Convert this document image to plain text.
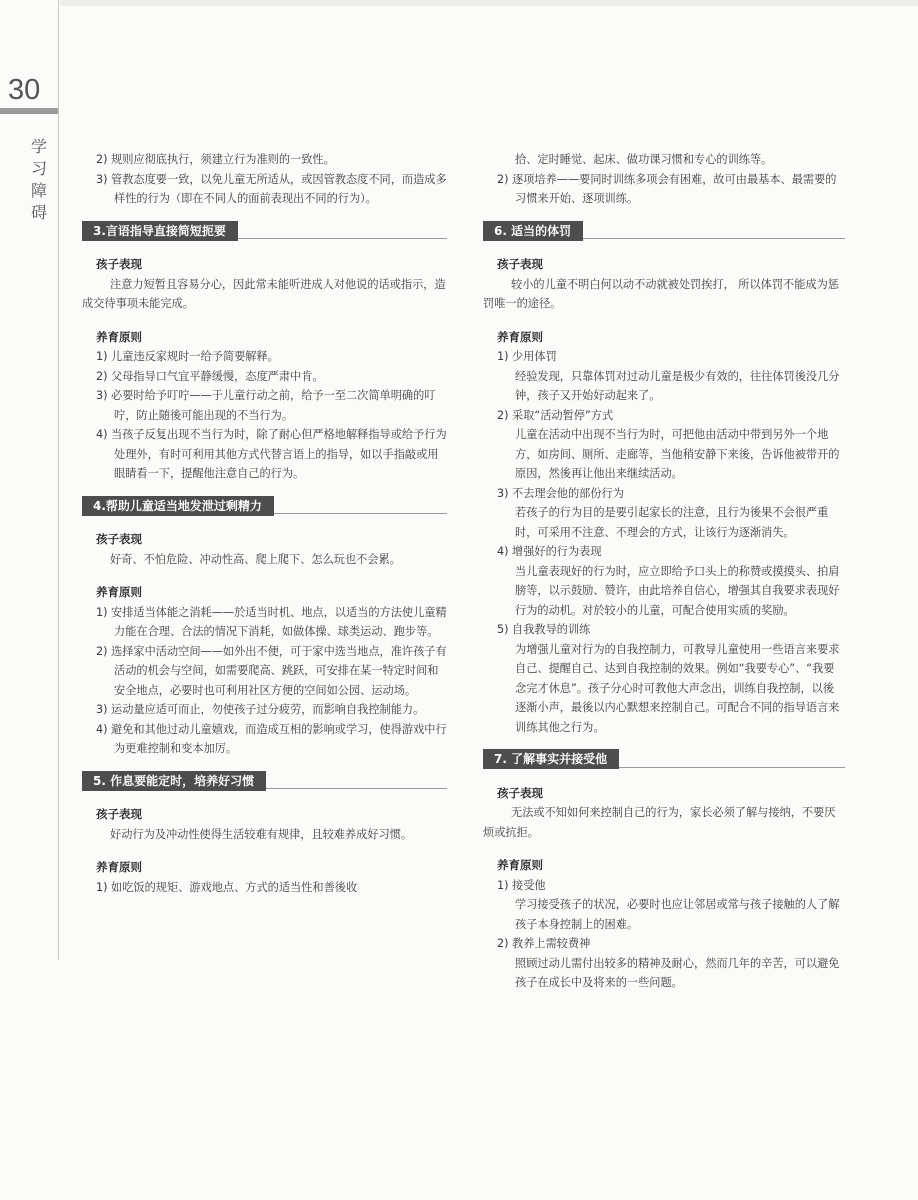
30
学
习
障
碍
2) 规则应彻底执行，须建立行为准则的一致性。
3) 管教态度要一致，以免儿童无所适从，或因管教态度不同，而造成多样性的行为（即在不同人的面前表现出不同的行为）。
3.言语指导直接简短扼要
孩子表现
注意力短暂且容易分心，因此常未能听进成人对他说的话或指示，造成交待事项未能完成。
养育原则
1) 儿童违反家规时一给予简要解释。
2) 父母指导口气宜平静缓慢，态度严肃中肯。
3) 必要时给予叮咛——于儿童行动之前，给予一至二次简单明确的叮咛，防止随後可能出现的不当行为。
4) 当孩子反复出现不当行为时，除了耐心但严格地解释指导或给予行为处理外，有时可利用其他方式代替言语上的指导，如以手指敲或用眼睛看一下，提醒他注意自己的行为。
4.帮助儿童适当地发泄过剩精力
孩子表现
好奇、不怕危险、冲动性高、爬上爬下、怎么玩也不会累。
养育原则
1) 安排适当体能之消耗——於适当时机、地点，以适当的方法使儿童精力能在合理、合法的情况下消耗，如做体操、球类运动、跑步等。
2) 选择家中活动空间——如外出不便，可于家中选当地点，准许孩子有活动的机会与空间，如需要爬高、跳跃，可安排在某一特定时间和安全地点，必要时也可利用社区方便的空间如公园、运动场。
3) 运动量应适可而止，勿使孩子过分疲劳，而影响自我控制能力。
4) 避免和其他过动儿童嬉戏，而造成互相的影响或学习，使得游戏中行为更难控制和变本加厉。
5. 作息要能定时，培养好习惯
孩子表现
好动行为及冲动性使得生活较难有规律，且较难养成好习惯。
养育原则
1) 如吃饭的规矩、游戏地点、方式的适当性和善後收
拾、定时睡觉、起床、做功课习惯和专心的训练等。
2) 逐项培养——要同时训练多项会有困难，故可由最基本、最需要的习惯来开始、逐项训练。
6. 适当的体罚
孩子表现
较小的儿童不明白何以动不动就被处罚挨打， 所以体罚不能成为惩罚唯一的途径。
养育原则
1) 少用体罚
经验发现，只靠体罚对过动儿童是极少有效的，往往体罚後没几分钟，孩子又开始好动起来了。
2) 采取“活动暂停”方式
儿童在活动中出现不当行为时，可把他由活动中带到另外一个地方，如房间、厕所、走廊等，当他稍安静下来後，告诉他被带开的原因，然後再让他出来继续活动。
3) 不去理会他的部份行为
若孩子的行为目的是要引起家长的注意，且行为後果不会很严重时，可采用不注意、不理会的方式，让该行为逐渐消失。
4) 增强好的行为表现
当儿童表现好的行为时，应立即给予口头上的称赞或摸摸头、拍肩膀等，以示鼓励、赞许，由此培养自信心，增强其自我要求表现好行为的动机。对於较小的儿童，可配合使用实质的奖励。
5) 自我教导的训练
为增强儿童对行为的自我控制力，可教导儿童使用一些语言来要求自己、提醒自己、达到自我控制的效果。例如“我要专心”、“我要念完才休息”。孩子分心时可教他大声念出，训练自我控制，以後逐渐小声，最後以内心默想来控制自己。可配合不同的指导语言来训练其他之行为。
7. 了解事实并接受他
孩子表现
无法或不知如何来控制自己的行为，家长必须了解与接纳，不要厌烦或抗拒。
养育原则
1) 接受他
学习接受孩子的状况，必要时也应让邻居或常与孩子接触的人了解孩子本身控制上的困难。
2) 教养上需较费神
照顾过动儿需付出较多的精神及耐心，然而几年的辛苦，可以避免孩子在成长中及将来的一些问题。
